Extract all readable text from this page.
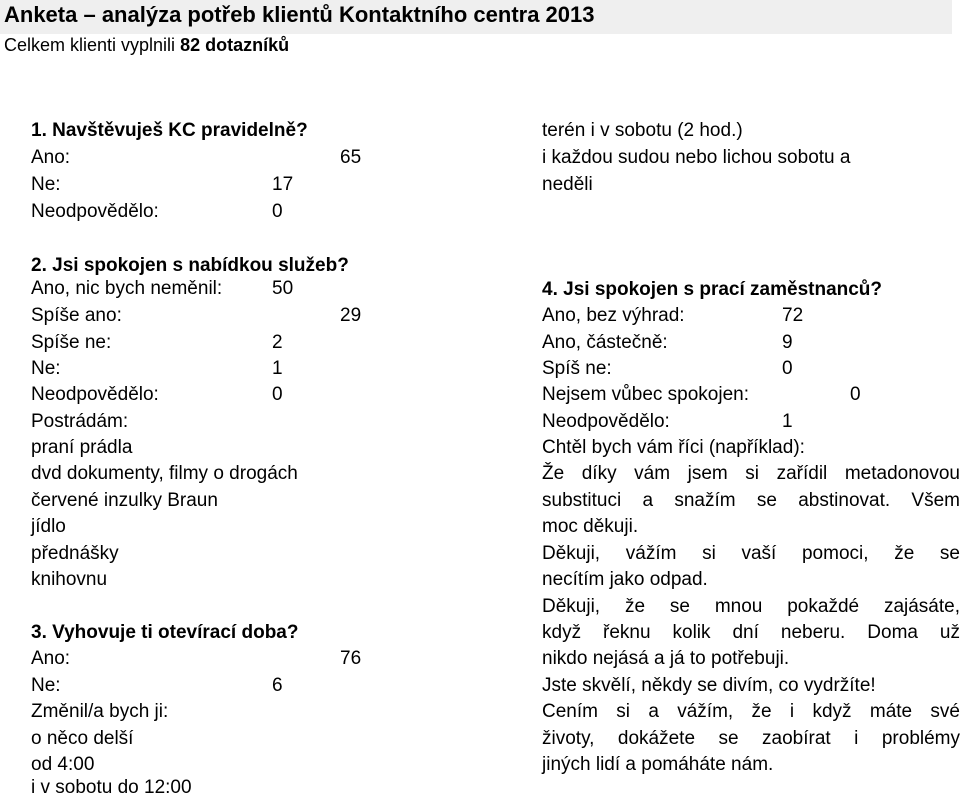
Anketa – analýza potřeb klientů Kontaktního centra 2013
Celkem klienti vyplnili 82 dotazníků
1. Navštěvuješ KC pravidelně?
Ano:	65
Ne:	17
Neodpovědělo:	0
2. Jsi spokojen s nabídkou služeb?
Ano, nic bych neměnil:	50
Spíše ano:	29
Spíše ne:	2
Ne:	1
Neodpovědělo:	0
Postrádám:
praní prádla
dvd dokumenty, filmy o drogách
červené inzulky Braun
jídlo
přednášky
knihovnu
3. Vyhovuje ti otevírací doba?
Ano:	76
Ne:	6
Změnil/a bych ji:
o něco delší
od 4:00
i v sobotu do 12:00
terén i v sobotu (2 hod.)
i každou sudou nebo lichou sobotu a
neděli
4. Jsi spokojen s prací zaměstnanců?
Ano, bez výhrad:	72
Ano, částečně:	9
Spíš ne:	0
Nejsem vůbec spokojen:	0
Neodpovědělo:	1
Chtěl bych vám říci (například):
Že díky vám jsem si zařídil metadonovou
substituci a snažím se abstinovat. Všem
moc děkuji.
Děkuji, vážím si vaší pomoci, že se
necítím jako odpad.
Děkuji, že se mnou pokaždé zajásáte,
když řeknu kolik dní neberu. Doma už
nikdo nejásá a já to potřebuji.
Jste skvělí, někdy se divím, co vydržíte!
Cením si a vážím, že i když máte své
životy, dokážete se zaobírat i problémy
jiných lidí a pomáháte nám.
